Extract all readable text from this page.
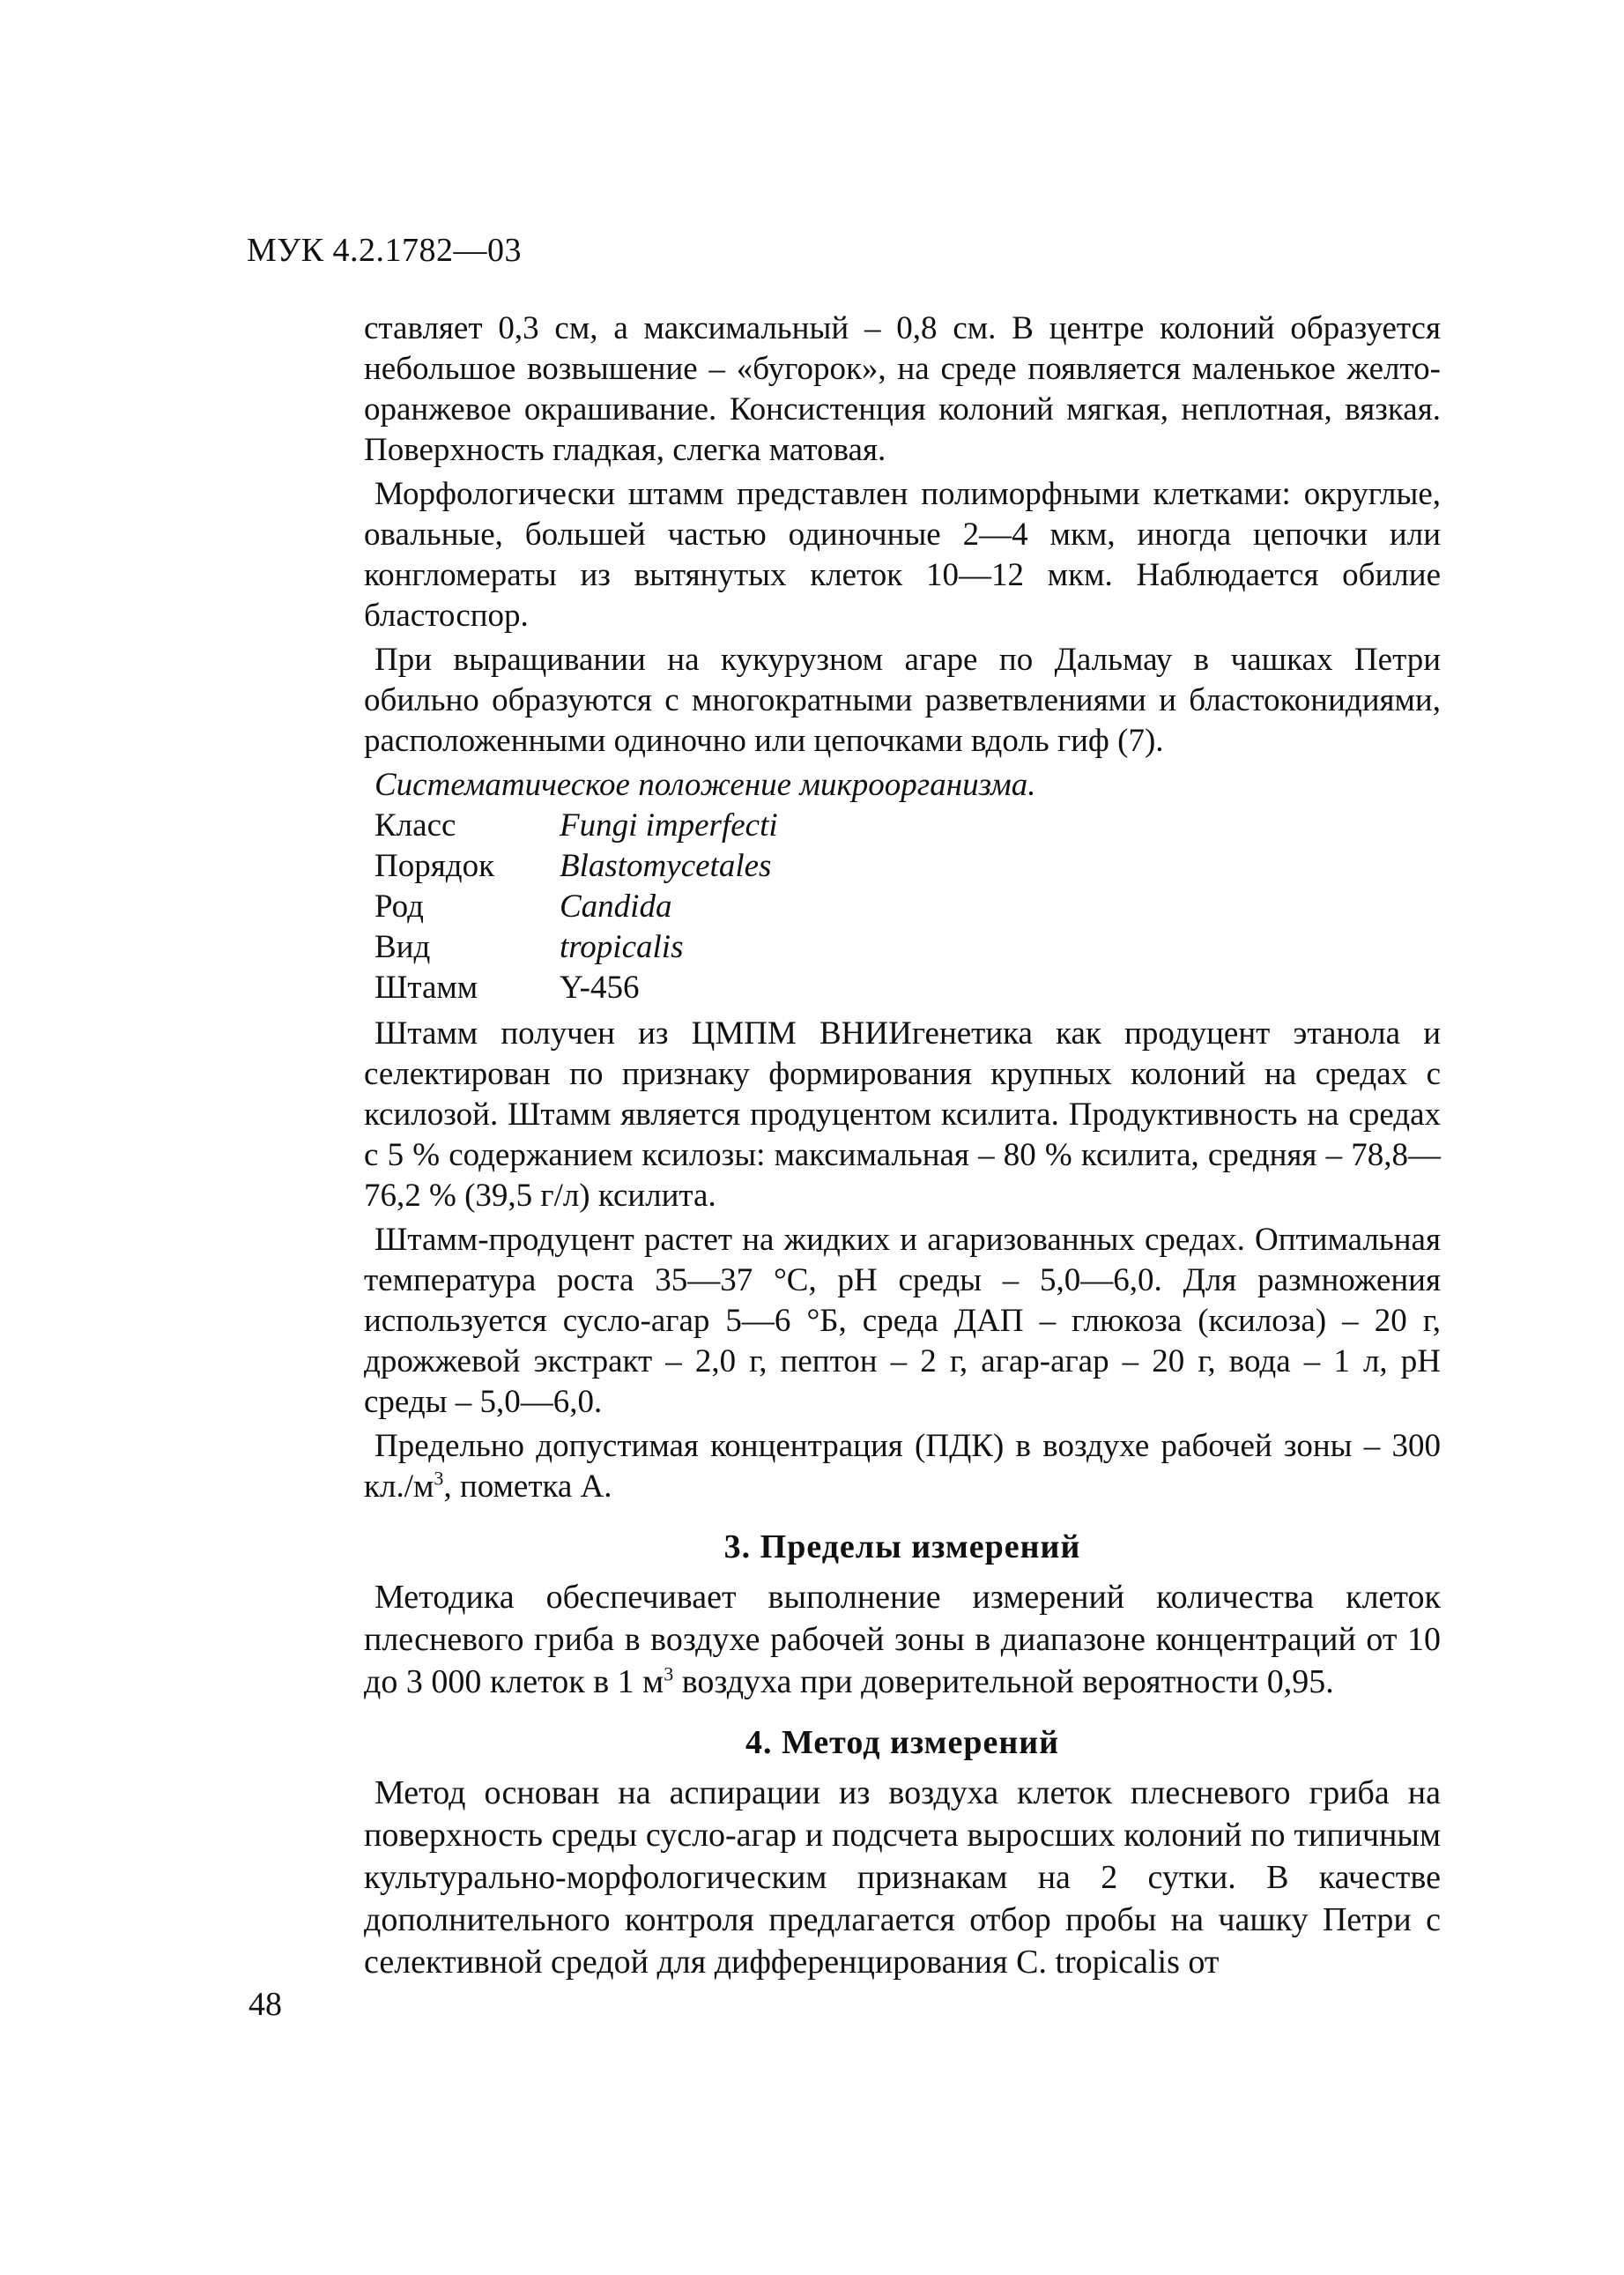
МУК 4.2.1782—03

ставляет 0,3 см, а максимальный – 0,8 см. В центре колоний образуется небольшое возвышение – «бугорок», на среде появляется маленькое желто-оранжевое окрашивание. Консистенция колоний мягкая, неплотная, вязкая. Поверхность гладкая, слегка матовая.

Морфологически штамм представлен полиморфными клетками: округлые, овальные, большей частью одиночные 2—4 мкм, иногда цепочки или конгломераты из вытянутых клеток 10—12 мкм. Наблюдается обилие бластоспор.

При выращивании на кукурузном агаре по Дальмау в чашках Петри обильно образуются с многократными разветвлениями и бластоконидиями, расположенными одиночно или цепочками вдоль гиф (7).

Систематическое положение микроорганизма.

Класс	Fungi imperfecti
Порядок	Blastomycetales
Род	Candida
Вид	tropicalis
Штамм	Y-456

Штамм получен из ЦМПМ ВНИИгенетика как продуцент этанола и селектирован по признаку формирования крупных колоний на средах с ксилозой. Штамм является продуцентом ксилита. Продуктивность на средах с 5 % содержанием ксилозы: максимальная – 80 % ксилита, средняя – 78,8—76,2 % (39,5 г/л) ксилита.

Штамм-продуцент растет на жидких и агаризованных средах. Оптимальная температура роста 35—37 °С, рН среды – 5,0—6,0. Для размножения используется сусло-агар 5—6 °Б, среда ДАП – глюкоза (ксилоза) – 20 г, дрожжевой экстракт – 2,0 г, пептон – 2 г, агар-агар – 20 г, вода – 1 л, рН среды – 5,0—6,0.

Предельно допустимая концентрация (ПДК) в воздухе рабочей зоны – 300 $кл./м^3$, пометка А.

3. Пределы измерений

Методика обеспечивает выполнение измерений количества клеток плесневого гриба в воздухе рабочей зоны в диапазоне концентраций от 10 до 3 000 клеток в 1 $м^3$ воздуха при доверительной вероятности 0,95.

4. Метод измерений

Метод основан на аспирации из воздуха клеток плесневого гриба на поверхность среды сусло-агар и подсчета выросших колоний по типичным культурально-морфологическим признакам на 2 сутки. В качестве дополнительного контроля предлагается отбор пробы на чашку Петри с селективной средой для дифференцирования С. tropicalis от

48
